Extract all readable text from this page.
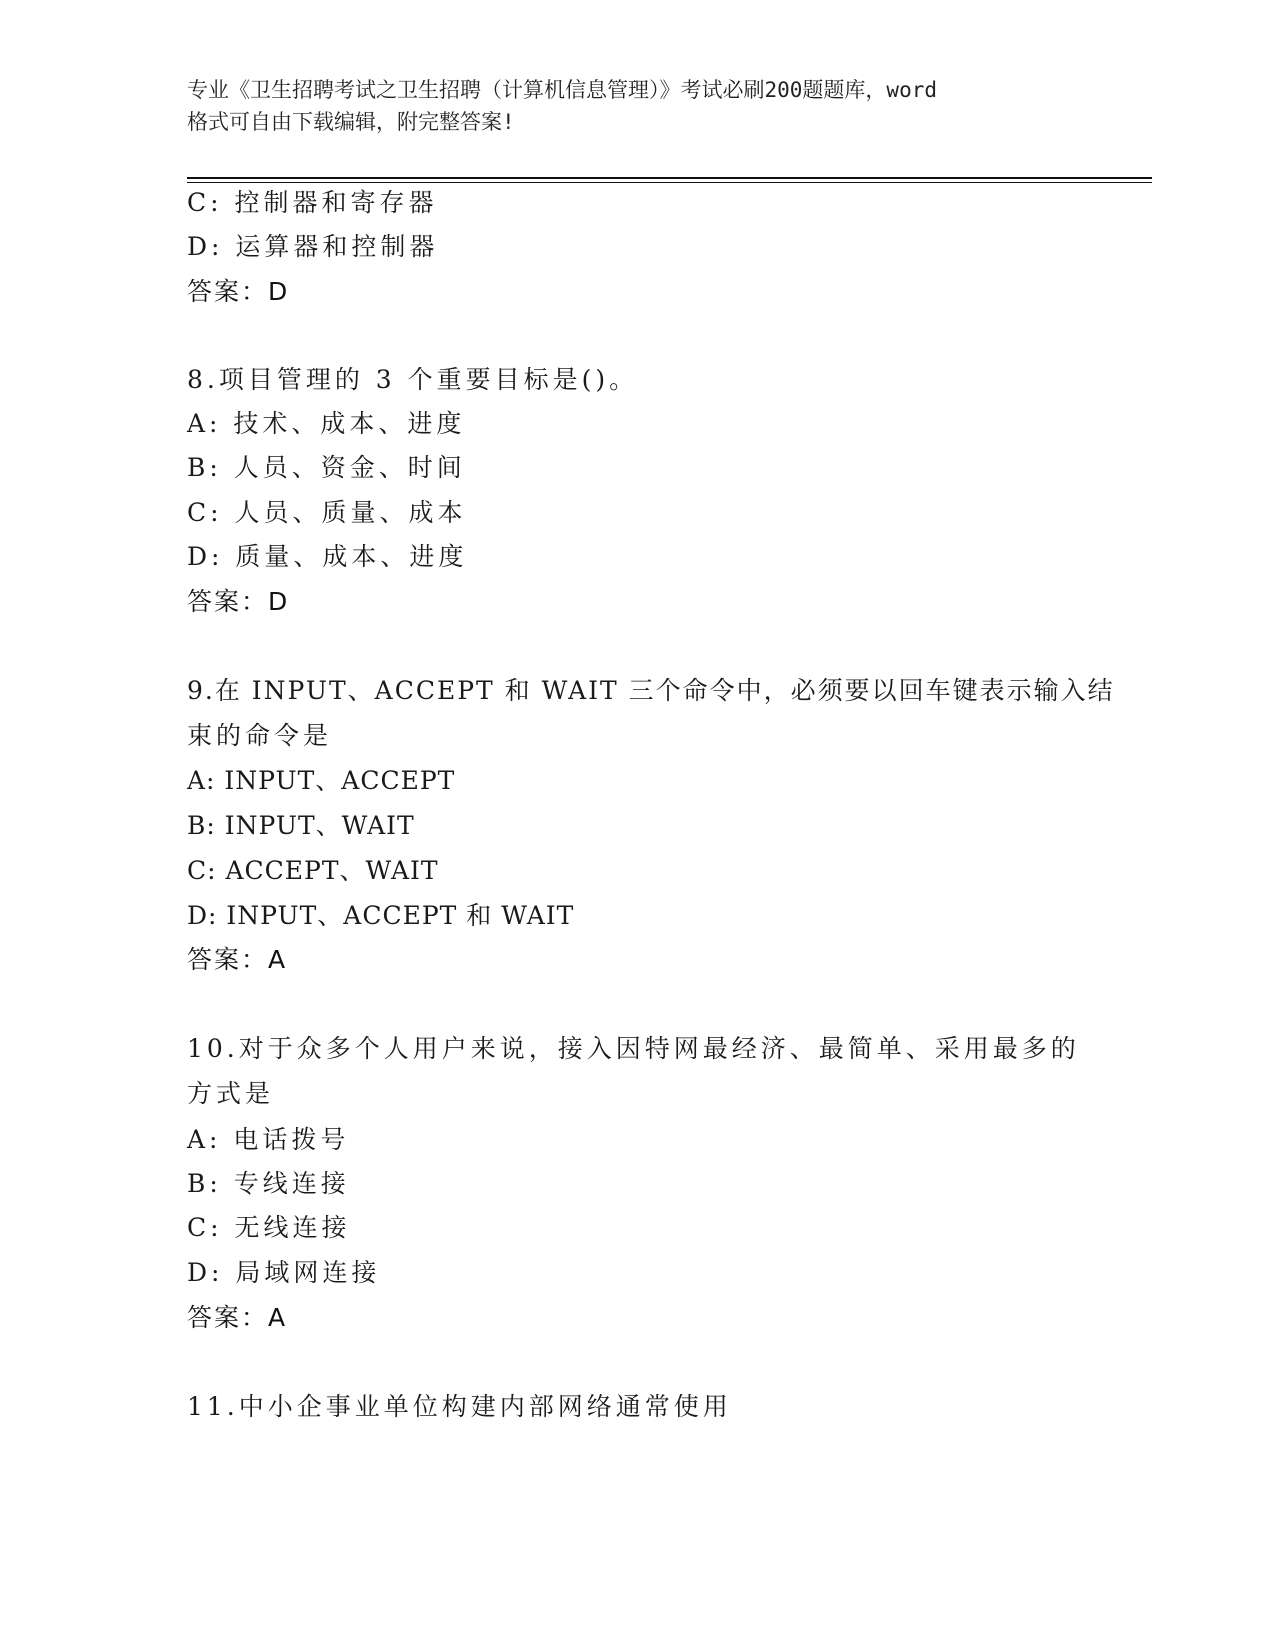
专业《卫生招聘考试之卫生招聘（计算机信息管理）》考试必刷200题题库，word
格式可自由下载编辑，附完整答案!
C: 控制器和寄存器
D: 运算器和控制器
答案：D
8.项目管理的 3 个重要目标是()。
A: 技术、成本、进度
B: 人员、资金、时间
C: 人员、质量、成本
D: 质量、成本、进度
答案：D
9.在 INPUT、ACCEPT 和 WAIT 三个命令中，必须要以回车键表示输入结
束的命令是
A: INPUT、ACCEPT
B: INPUT、WAIT
C: ACCEPT、WAIT
D: INPUT、ACCEPT 和 WAIT
答案：A
10.对于众多个人用户来说，接入因特网最经济、最简单、采用最多的
方式是
A: 电话拨号
B: 专线连接
C: 无线连接
D: 局域网连接
答案：A
11.中小企事业单位构建内部网络通常使用
